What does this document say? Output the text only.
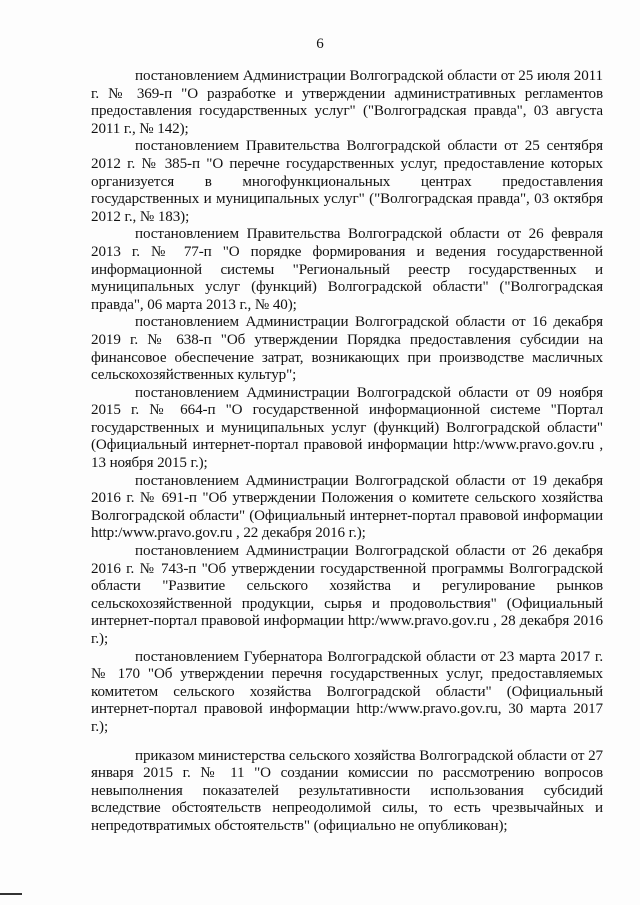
6

постановлением Администрации Волгоградской области от 25 июля 2011 г. № 369-п "О разработке и утверждении административных регламентов предоставления государственных услуг" ("Волгоградская правда", 03 августа 2011 г., № 142);

постановлением Правительства Волгоградской области от 25 сентября 2012 г. № 385-п "О перечне государственных услуг, предоставление которых организуется в многофункциональных центрах предоставления государственных и муниципальных услуг" ("Волгоградская правда", 03 октября 2012 г., № 183);

постановлением Правительства Волгоградской области от 26 февраля 2013 г. № 77-п "О порядке формирования и ведения государственной информационной системы "Региональный реестр государственных и муниципальных услуг (функций) Волгоградской области" ("Волгоградская правда", 06 марта 2013 г., № 40);

постановлением Администрации Волгоградской области от 16 декабря 2019 г. № 638-п "Об утверждении Порядка предоставления субсидии на финансовое обеспечение затрат, возникающих при производстве масличных сельскохозяйственных культур";

постановлением Администрации Волгоградской области от 09 ноября 2015 г. № 664-п "О государственной информационной системе "Портал государственных и муниципальных услуг (функций) Волгоградской области" (Официальный интернет-портал правовой информации http:/www.pravo.gov.ru , 13 ноября 2015 г.);

постановлением Администрации Волгоградской области от 19 декабря 2016 г. № 691-п "Об утверждении Положения о комитете сельского хозяйства Волгоградской области" (Официальный интернет-портал правовой информации http:/www.pravo.gov.ru , 22 декабря 2016 г.);

постановлением Администрации Волгоградской области от 26 декабря 2016 г. № 743-п "Об утверждении государственной программы Волгоградской области "Развитие сельского хозяйства и регулирование рынков сельскохозяйственной продукции, сырья и продовольствия" (Официальный интернет-портал правовой информации http:/www.pravo.gov.ru , 28 декабря 2016 г.);

постановлением Губернатора Волгоградской области от 23 марта 2017 г. № 170 "Об утверждении перечня государственных услуг, предоставляемых комитетом сельского хозяйства Волгоградской области" (Официальный интернет-портал правовой информации http:/www.pravo.gov.ru, 30 марта 2017 г.);

приказом министерства сельского хозяйства Волгоградской области от 27 января 2015 г. № 11 "О создании комиссии по рассмотрению вопросов невыполнения показателей результативности использования субсидий вследствие обстоятельств непреодолимой силы, то есть чрезвычайных и непредотвратимых обстоятельств" (официально не опубликован);
